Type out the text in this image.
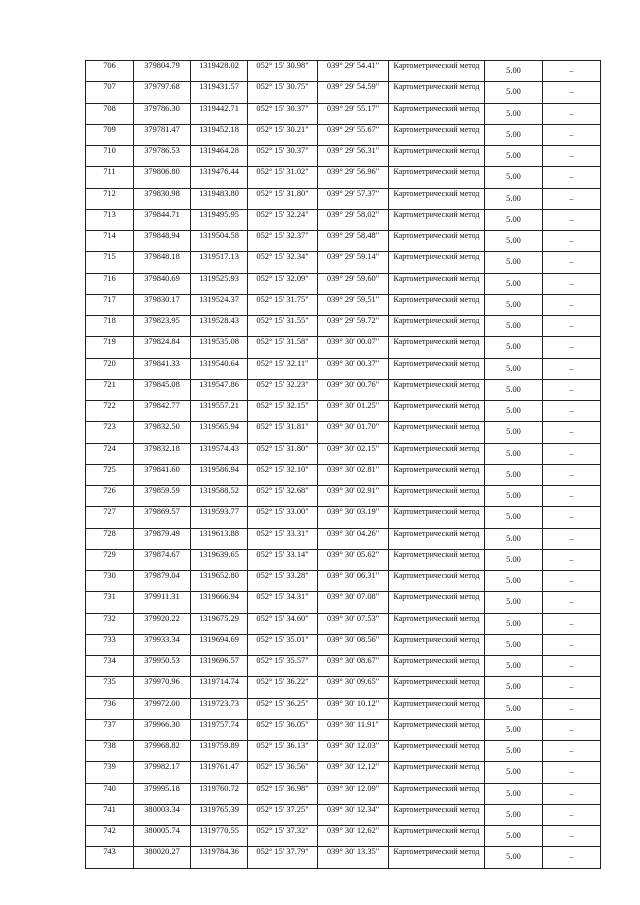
706	379804.79	1319428.02	052° 15' 30.98"	039° 29' 54.41"	Картометрический метод	5.00	–
707	379797.68	1319431.57	052° 15' 30.75"	039° 29' 54.59"	Картометрический метод	5.00	–
708	379786.30	1319442.71	052° 15' 30.37"	039° 29' 55.17"	Картометрический метод	5.00	–
709	379781.47	1319452.18	052° 15' 30.21"	039° 29' 55.67"	Картометрический метод	5.00	–
710	379786.53	1319464.28	052° 15' 30.37"	039° 29' 56.31"	Картометрический метод	5.00	–
711	379806.80	1319476.44	052° 15' 31.02"	039° 29' 56.96"	Картометрический метод	5.00	–
712	379830.98	1319483.80	052° 15' 31.80"	039° 29' 57.37"	Картометрический метод	5.00	–
713	379844.71	1319495.95	052° 15' 32.24"	039° 29' 58.02"	Картометрический метод	5.00	–
714	379848.94	1319504.58	052° 15' 32.37"	039° 29' 58.48"	Картометрический метод	5.00	–
715	379848.18	1319517.13	052° 15' 32.34"	039° 29' 59.14"	Картометрический метод	5.00	–
716	379840.69	1319525.93	052° 15' 32.09"	039° 29' 59.60"	Картометрический метод	5.00	–
717	379830.17	1319524.37	052° 15' 31.75"	039° 29' 59.51"	Картометрический метод	5.00	–
718	379823.95	1319528.43	052° 15' 31.55"	039° 29' 59.72"	Картометрический метод	5.00	–
719	379824.84	1319535.08	052° 15' 31.58"	039° 30' 00.07"	Картометрический метод	5.00	–
720	379841.33	1319540.64	052° 15' 32.11"	039° 30' 00.37"	Картометрический метод	5.00	–
721	379845.08	1319547.86	052° 15' 32.23"	039° 30' 00.76"	Картометрический метод	5.00	–
722	379842.77	1319557.21	052° 15' 32.15"	039° 30' 01.25"	Картометрический метод	5.00	–
723	379832.50	1319565.94	052° 15' 31.81"	039° 30' 01.70"	Картометрический метод	5.00	–
724	379832.18	1319574.43	052° 15' 31.80"	039° 30' 02.15"	Картометрический метод	5.00	–
725	379841.60	1319586.94	052° 15' 32.10"	039° 30' 02.81"	Картометрический метод	5.00	–
726	379859.59	1319588.52	052° 15' 32.68"	039° 30' 02.91"	Картометрический метод	5.00	–
727	379869.57	1319593.77	052° 15' 33.00"	039° 30' 03.19"	Картометрический метод	5.00	–
728	379879.49	1319613.88	052° 15' 33.31"	039° 30' 04.26"	Картометрический метод	5.00	–
729	379874.67	1319639.65	052° 15' 33.14"	039° 30' 05.62"	Картометрический метод	5.00	–
730	379879.04	1319652.80	052° 15' 33.28"	039° 30' 06.31"	Картометрический метод	5.00	–
731	379911.31	1319666.94	052° 15' 34.31"	039° 30' 07.08"	Картометрический метод	5.00	–
732	379920.22	1319675.29	052° 15' 34.60"	039° 30' 07.53"	Картометрический метод	5.00	–
733	379933.34	1319694.69	052° 15' 35.01"	039° 30' 08.56"	Картометрический метод	5.00	–
734	379950.53	1319696.57	052° 15' 35.57"	039° 30' 08.67"	Картометрический метод	5.00	–
735	379970.96	1319714.74	052° 15' 36.22"	039° 30' 09.65"	Картометрический метод	5.00	–
736	379972.00	1319723.73	052° 15' 36.25"	039° 30' 10.12"	Картометрический метод	5.00	–
737	379966.30	1319757.74	052° 15' 36.05"	039° 30' 11.91"	Картометрический метод	5.00	–
738	379968.82	1319759.89	052° 15' 36.13"	039° 30' 12.03"	Картометрический метод	5.00	–
739	379982.17	1319761.47	052° 15' 36.56"	039° 30' 12.12"	Картометрический метод	5.00	–
740	379995.18	1319760.72	052° 15' 36.98"	039° 30' 12.09"	Картометрический метод	5.00	–
741	380003.34	1319765.39	052° 15' 37.25"	039° 30' 12.34"	Картометрический метод	5.00	–
742	380005.74	1319770.55	052° 15' 37.32"	039° 30' 12.62"	Картометрический метод	5.00	–
743	380020.27	1319784.36	052° 15' 37.79"	039° 30' 13.35"	Картометрический метод	5.00	–
